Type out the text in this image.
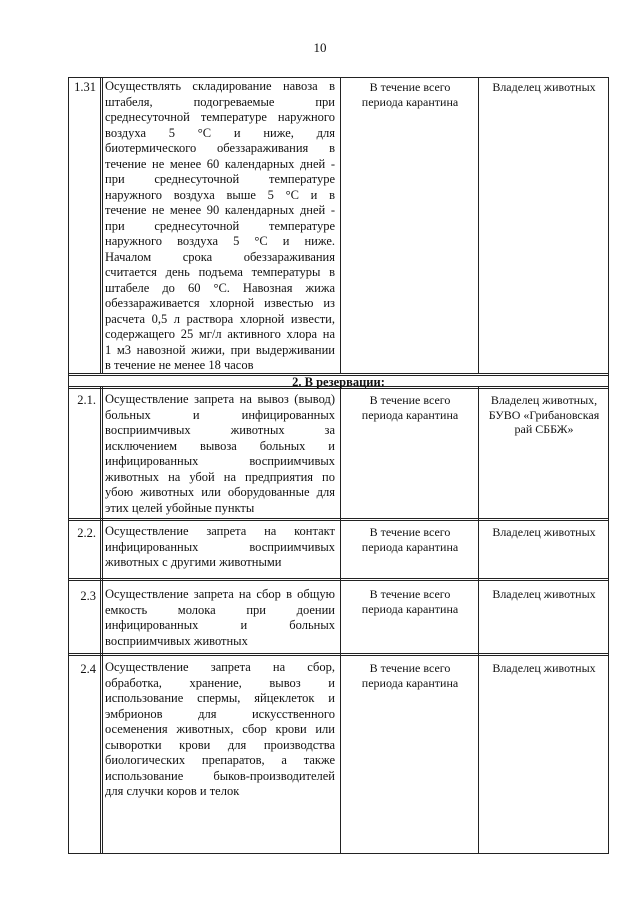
10
1.31 Осуществлять складирование навоза в
штабеля, подогреваемые при
среднесуточной температуре наружного
воздуха 5 °С и ниже, для
биотермического обеззараживания в
течение не менее 60 календарных дней -
при среднесуточной температуре
наружного воздуха выше 5 °С и в
течение не менее 90 календарных дней -
при среднесуточной температуре
наружного воздуха 5 °С и ниже.
Началом срока обеззараживания
считается день подъема температуры в
штабеле до 60 °С. Навозная жижа
обеззараживается хлорной известью из
расчета 0,5 л раствора хлорной извести,
содержащего 25 мг/л активного хлора на
1 м3 навозной жижи, при выдерживании
в течение не менее 18 часов
В течение всего
периода карантина
Владелец животных
2. В резервации:
2.1. Осуществление запрета на вывоз (вывод)
больных и инфицированных
восприимчивых животных за
исключением вывоза больных и
инфицированных восприимчивых
животных на убой на предприятия по
убою животных или оборудованные для
этих целей убойные пункты
В течение всего
периода карантина
Владелец животных,
БУВО «Грибановская
рай СББЖ»
2.2. Осуществление запрета на контакт
инфицированных восприимчивых
животных с другими животными
В течение всего
периода карантина
Владелец животных
2.3 Осуществление запрета на сбор в общую
емкость молока при доении
инфицированных и больных
восприимчивых животных
В течение всего
периода карантина
Владелец животных
2.4 Осуществление запрета на сбор,
обработка, хранение, вывоз и
использование спермы, яйцеклеток и
эмбрионов для искусственного
осеменения животных, сбор крови или
сыворотки крови для производства
биологических препаратов, а также
использование быков-производителей
для случки коров и телок
В течение всего
периода карантина
Владелец животных
